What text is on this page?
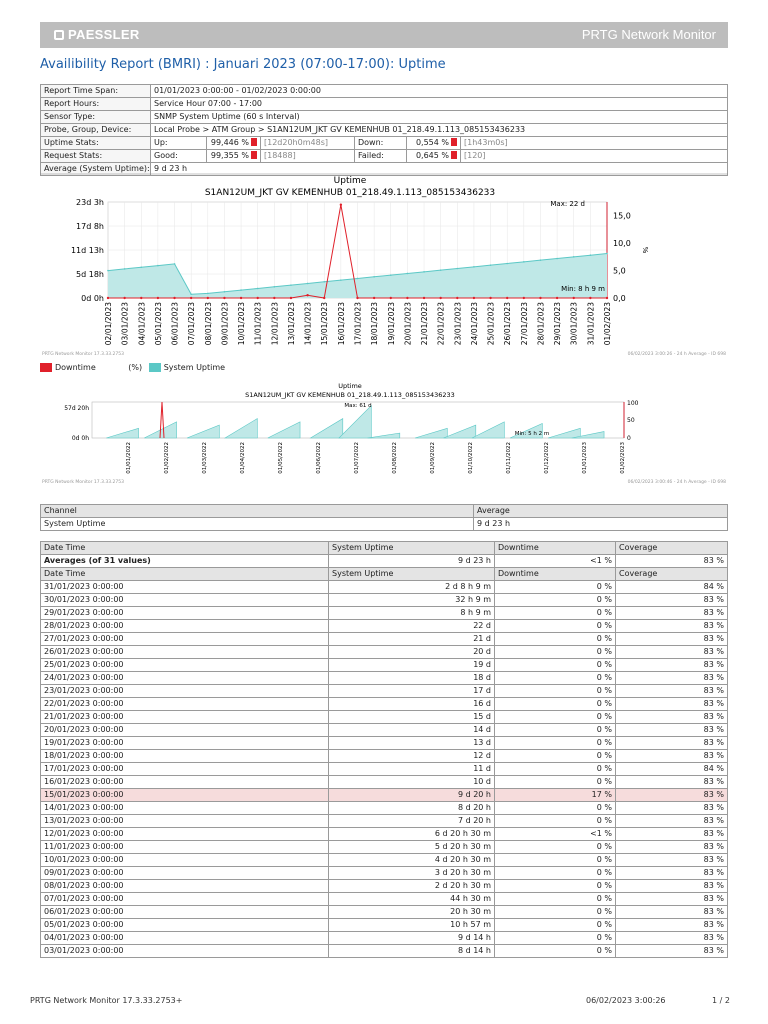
PAESSLER	PRTG Network Monitor
Availibility Report (BMRI) : Januari 2023 (07:00-17:00): Uptime
Report Time Span:	01/01/2023 0:00:00 - 01/02/2023 0:00:00					
Report Hours:	Service Hour 07:00 - 17:00					
Sensor Type:	SNMP System Uptime (60 s Interval)					
Probe, Group, Device:	Local Probe > ATM Group > S1AN12UM_JKT GV KEMENHUB 01_218.49.1.113_085153436233					
Uptime Stats:	Up:	99,446 %	[12d20h0m48s]	Down:	0,554 %	[1h43m0s]
Request Stats:	Good:	99,355 %	[18488]	Failed:	0,645 %	[120]
Average (System Uptime):	9 d 23 h					
Uptime
S1AN12UM_JKT GV KEMENHUB 01_218.49.1.113_085153436233
0d 0h
5d 18h
11d 13h
17d 8h
23d 3h
0,0
5,0
10,0
15,0
%
Max: 22 d
Min: 8 h 9 m
02/01/2023 03/01/2023 04/01/2023 05/01/2023 06/01/2023 07/01/2023 08/01/2023 09/01/2023 10/01/2023 11/01/2023 12/01/2023 13/01/2023 14/01/2023 15/01/2023 16/01/2023 17/01/2023 18/01/2023 19/01/2023 20/01/2023 21/01/2023 22/01/2023 23/01/2023 24/01/2023 25/01/2023 26/01/2023 27/01/2023 28/01/2023 29/01/2023 30/01/2023 31/01/2023 01/02/2023
PRTG Network Monitor 17.3.33.2753	06/02/2023 3:00:26 - 24 h Average - ID 698
Downtime	(%)	System Uptime
Uptime
S1AN12UM_JKT GV KEMENHUB 01_218.49.1.113_085153436233
57d 20h
0d 0h	0
50
100
Max: 61 d
Min: 5 h 2 m
01/01/2022	01/02/2022	01/03/2022	01/04/2022	01/05/2022	01/06/2022	01/07/2022	01/08/2022	01/09/2022	01/10/2022	01/11/2022	01/12/2022	01/01/2023	01/02/2023
PRTG Network Monitor 17.3.33.2753	06/02/2023 3:00:46 - 24 h Average - ID 698
Channel	Average
System Uptime	9 d 23 h
Date Time	System Uptime	Downtime	Coverage
Averages (of 31 values)	9 d 23 h	<1 %	83 %
Date Time	System Uptime	Downtime	Coverage
31/01/2023 0:00:00	2 d 8 h 9 m	0 %	84 %
30/01/2023 0:00:00	32 h 9 m	0 %	83 %
29/01/2023 0:00:00	8 h 9 m	0 %	83 %
28/01/2023 0:00:00	22 d	0 %	83 %
27/01/2023 0:00:00	21 d	0 %	83 %
26/01/2023 0:00:00	20 d	0 %	83 %
25/01/2023 0:00:00	19 d	0 %	83 %
24/01/2023 0:00:00	18 d	0 %	83 %
23/01/2023 0:00:00	17 d	0 %	83 %
22/01/2023 0:00:00	16 d	0 %	83 %
21/01/2023 0:00:00	15 d	0 %	83 %
20/01/2023 0:00:00	14 d	0 %	83 %
19/01/2023 0:00:00	13 d	0 %	83 %
18/01/2023 0:00:00	12 d	0 %	83 %
17/01/2023 0:00:00	11 d	0 %	84 %
16/01/2023 0:00:00	10 d	0 %	83 %
15/01/2023 0:00:00	9 d 20 h	17 %	83 %
14/01/2023 0:00:00	8 d 20 h	0 %	83 %
13/01/2023 0:00:00	7 d 20 h	0 %	83 %
12/01/2023 0:00:00	6 d 20 h 30 m	<1 %	83 %
11/01/2023 0:00:00	5 d 20 h 30 m	0 %	83 %
10/01/2023 0:00:00	4 d 20 h 30 m	0 %	83 %
09/01/2023 0:00:00	3 d 20 h 30 m	0 %	83 %
08/01/2023 0:00:00	2 d 20 h 30 m	0 %	83 %
07/01/2023 0:00:00	44 h 30 m	0 %	83 %
06/01/2023 0:00:00	20 h 30 m	0 %	83 %
05/01/2023 0:00:00	10 h 57 m	0 %	83 %
04/01/2023 0:00:00	9 d 14 h	0 %	83 %
03/01/2023 0:00:00	8 d 14 h	0 %	83 %
PRTG Network Monitor 17.3.33.2753+	06/02/2023 3:00:26	1 / 2
